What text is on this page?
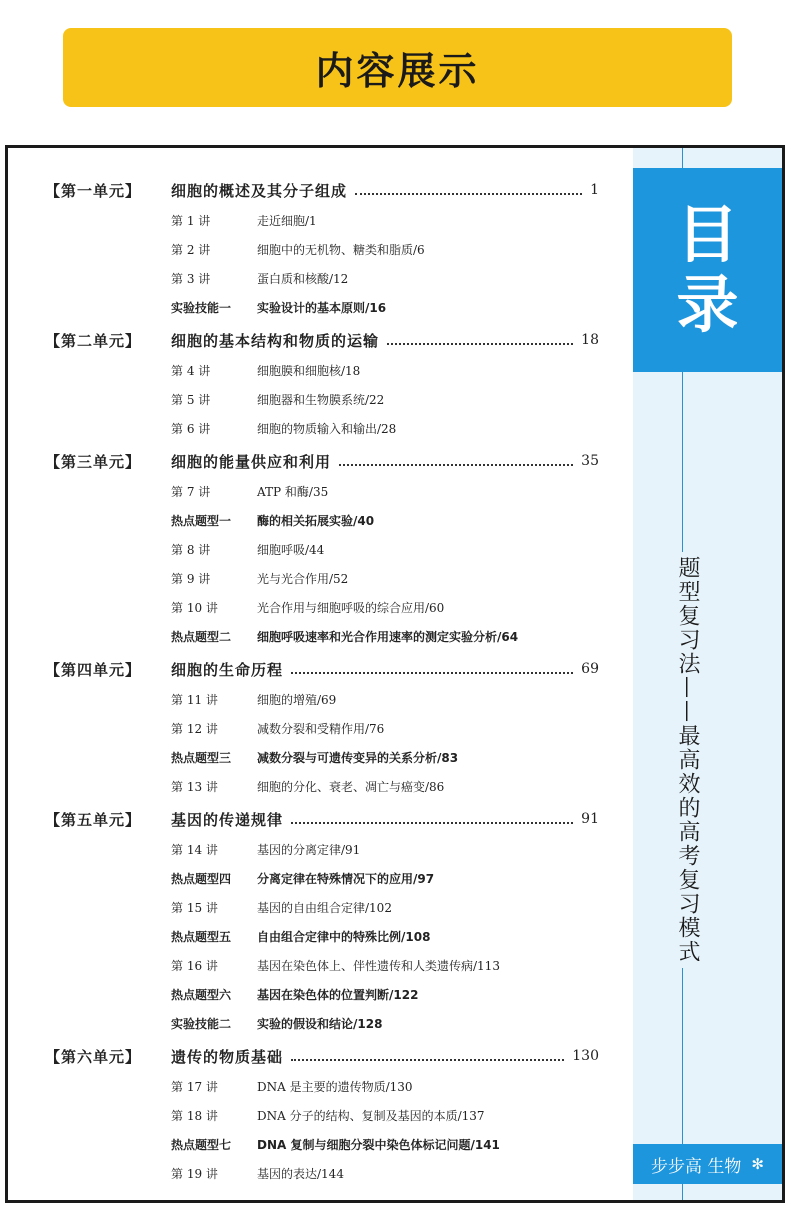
内容展示
【第一单元】 细胞的概述及其分子组成	1
第 1 讲	走近细胞/1
第 2 讲	细胞中的无机物、糖类和脂质/6
第 3 讲	蛋白质和核酸/12
实验技能一 实验设计的基本原则/16
【第二单元】 细胞的基本结构和物质的运输	18
第 4 讲	细胞膜和细胞核/18
第 5 讲	细胞器和生物膜系统/22
第 6 讲	细胞的物质输入和输出/28
【第三单元】 细胞的能量供应和利用	35
第 7 讲	ATP 和酶/35
热点题型一 酶的相关拓展实验/40
第 8 讲	细胞呼吸/44
第 9 讲	光与光合作用/52
第 10 讲	光合作用与细胞呼吸的综合应用/60
热点题型二 细胞呼吸速率和光合作用速率的测定实验分析/64
【第四单元】 细胞的生命历程	69
第 11 讲	细胞的增殖/69
第 12 讲	减数分裂和受精作用/76
热点题型三 减数分裂与可遗传变异的关系分析/83
第 13 讲	细胞的分化、衰老、凋亡与癌变/86
【第五单元】 基因的传递规律	91
第 14 讲	基因的分离定律/91
热点题型四 分离定律在特殊情况下的应用/97
第 15 讲	基因的自由组合定律/102
热点题型五 自由组合定律中的特殊比例/108
第 16 讲	基因在染色体上、伴性遗传和人类遗传病/113
热点题型六 基因在染色体的位置判断/122
实验技能二 实验的假设和结论/128
【第六单元】 遗传的物质基础	130
第 17 讲	DNA 是主要的遗传物质/130
第 18 讲	DNA 分子的结构、复制及基因的本质/137
热点题型七 DNA 复制与细胞分裂中染色体标记问题/141
第 19 讲	基因的表达/144
目
录
题型复习法——最高效的高考复习模式
步步高 生物 ✻
